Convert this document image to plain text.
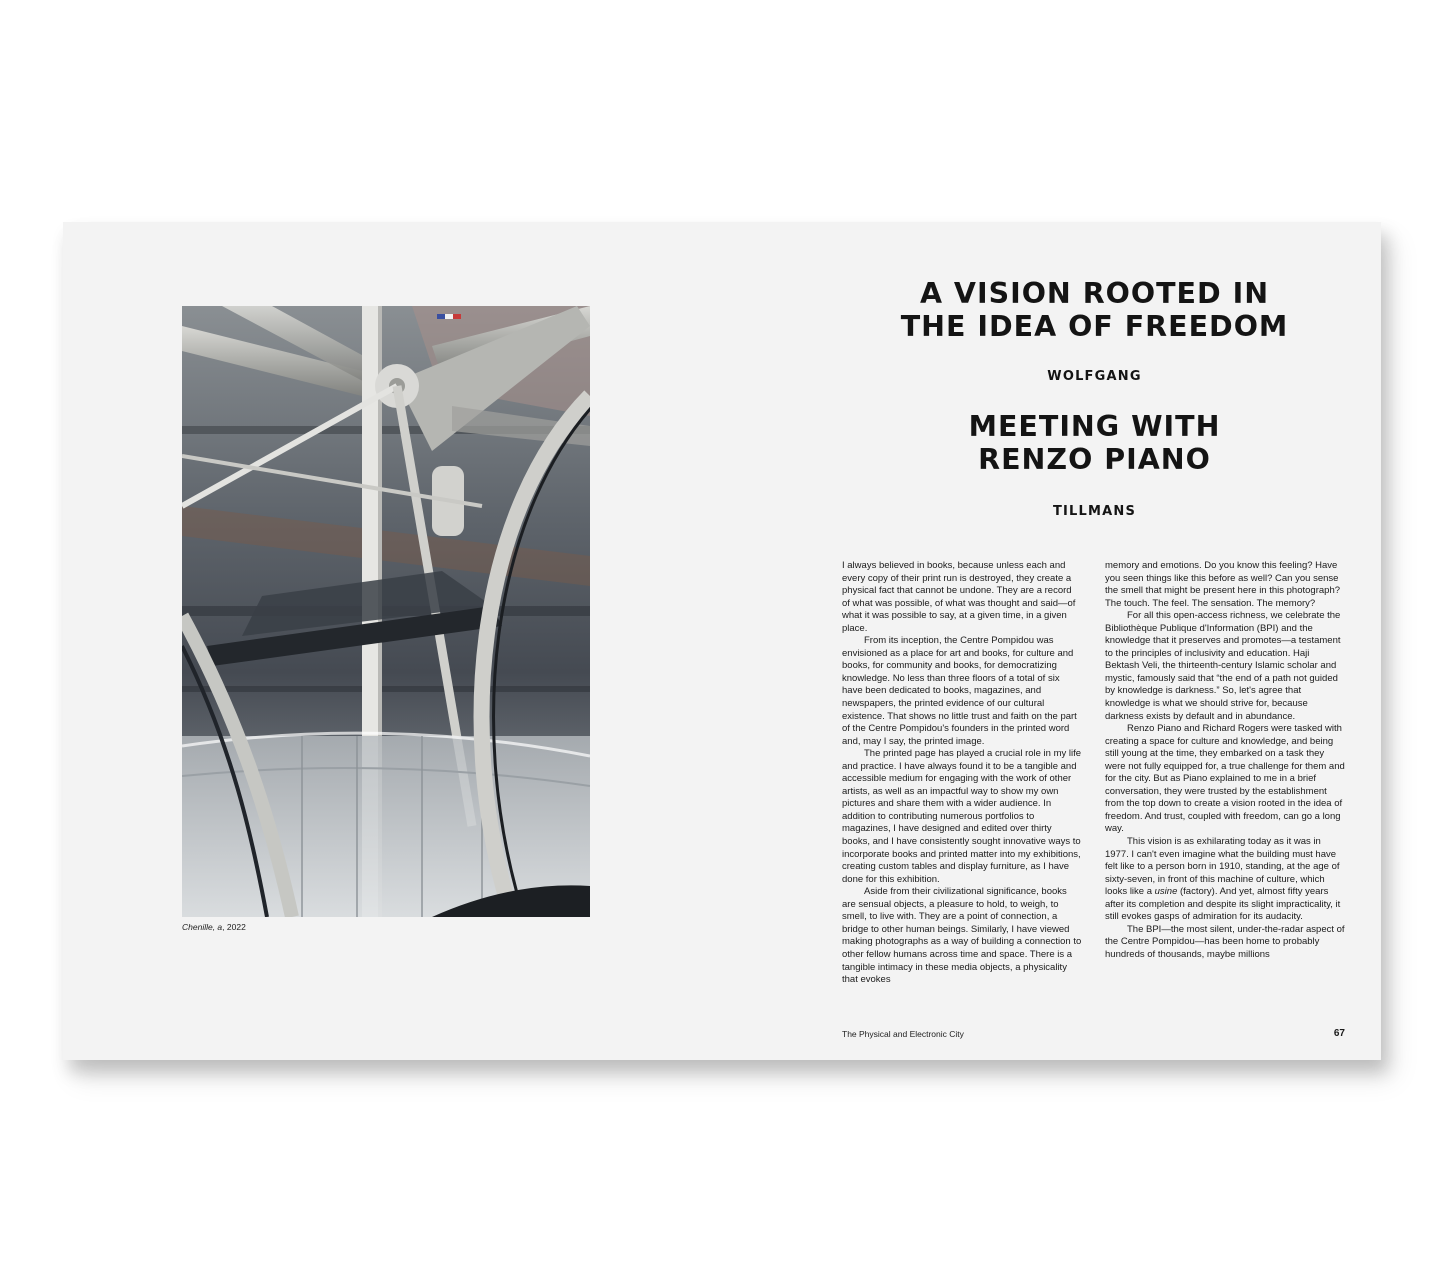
Chenille, a, 2022
A VISION ROOTED IN
THE IDEA OF FREEDOM
WOLFGANG
MEETING WITH
RENZO PIANO
TILLMANS

I always believed in books, because unless each and every copy of their print run is destroyed, they create a physical fact that cannot be undone. They are a record of what was possible, of what was thought and said—of what it was possible to say, at a given time, in a given place.

From its inception, the Centre Pompidou was envisioned as a place for art and books, for culture and books, for community and books, for democratizing knowledge. No less than three floors of a total of six have been dedicated to books, magazines, and newspapers, the printed evidence of our cultural existence. That shows no little trust and faith on the part of the Centre Pompidou's founders in the printed word and, may I say, the printed image.

The printed page has played a crucial role in my life and practice. I have always found it to be a tangible and accessible medium for engaging with the work of other artists, as well as an impactful way to show my own pictures and share them with a wider audience. In addition to contributing numerous portfolios to magazines, I have designed and edited over thirty books, and I have consistently sought innovative ways to incorporate books and printed matter into my exhibitions, creating custom tables and display furniture, as I have done for this exhibition.

Aside from their civilizational significance, books are sensual objects, a pleasure to hold, to weigh, to smell, to live with. They are a point of connection, a bridge to other human beings. Similarly, I have viewed making photographs as a way of building a connection to other fellow humans across time and space. There is a tangible intimacy in these media objects, a physicality that evokes

memory and emotions. Do you know this feeling? Have you seen things like this before as well? Can you sense the smell that might be present here in this photograph? The touch. The feel. The sensation. The memory?

For all this open-access richness, we celebrate the Bibliothèque Publique d'Information (BPI) and the knowledge that it preserves and promotes—a testament to the principles of inclusivity and education. Haji Bektash Veli, the thirteenth-century Islamic scholar and mystic, famously said that “the end of a path not guided by knowledge is darkness.” So, let's agree that knowledge is what we should strive for, because darkness exists by default and in abundance.

Renzo Piano and Richard Rogers were tasked with creating a space for culture and knowledge, and being still young at the time, they embarked on a task they were not fully equipped for, a true challenge for them and for the city. But as Piano explained to me in a brief conversation, they were trusted by the establishment from the top down to create a vision rooted in the idea of freedom. And trust, coupled with freedom, can go a long way.

This vision is as exhilarating today as it was in 1977. I can't even imagine what the building must have felt like to a person born in 1910, standing, at the age of sixty-seven, in front of this machine of culture, which looks like a usine (factory). And yet, almost fifty years after its completion and despite its slight impracticality, it still evokes gasps of admiration for its audacity.

The BPI—the most silent, under-the-radar aspect of the Centre Pompidou—has been home to probably hundreds of thousands, maybe millions

The Physical and Electronic City	67
